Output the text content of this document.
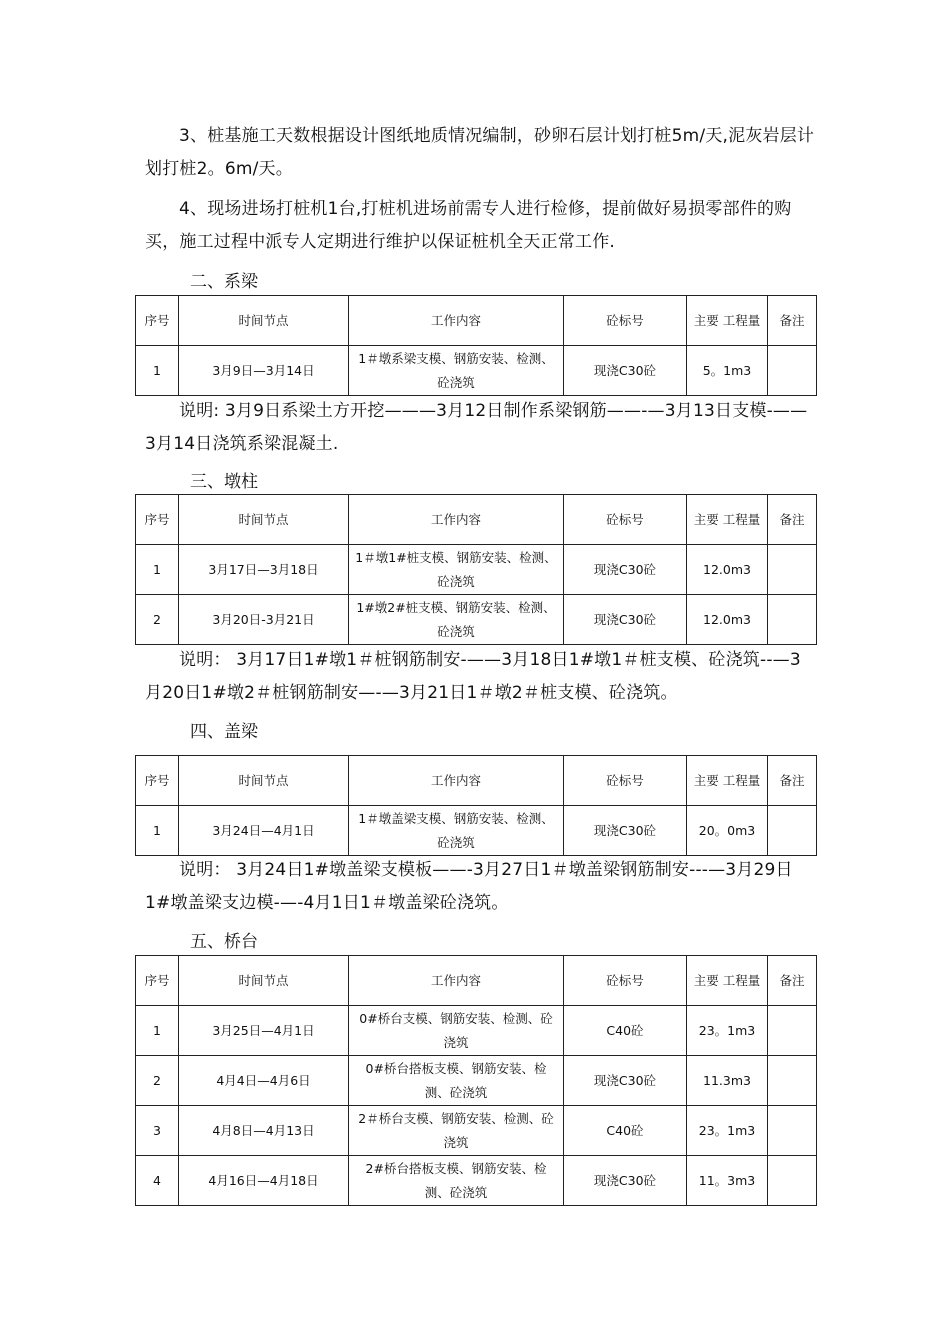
3、桩基施工天数根据设计图纸地质情况编制，砂卵石层计划打桩5m/天,泥灰岩层计划打桩2。6m/天。

4、现场进场打桩机1台,打桩机进场前需专人进行检修，提前做好易损零部件的购买，施工过程中派专人定期进行维护以保证桩机全天正常工作.

二、系梁
序号	时间节点	工作内容	砼标号	主要 工程量	备注
1	3月9日—3月14日	1＃墩系梁支模、钢筋安装、检测、砼浇筑	现浇C30砼	5。1m3	

说明: 3月9日系梁土方开挖———3月12日制作系梁钢筋——-—3月13日支模-——3月14日浇筑系梁混凝土.

三、墩柱
序号	时间节点	工作内容	砼标号	主要 工程量	备注
1	3月17日—3月18日	1＃墩1#桩支模、钢筋安装、检测、砼浇筑	现浇C30砼	12.0m3	
2	3月20日-3月21日	1#墩2#桩支模、钢筋安装、检测、砼浇筑	现浇C30砼	12.0m3	

说明： 3月17日1#墩1＃桩钢筋制安-——3月18日1#墩1＃桩支模、砼浇筑--—3月20日1#墩2＃桩钢筋制安—-—3月21日1＃墩2＃桩支模、砼浇筑。

四、盖梁
序号	时间节点	工作内容	砼标号	主要 工程量	备注
1	3月24日—4月1日	1＃墩盖梁支模、钢筋安装、检测、砼浇筑	现浇C30砼	20。0m3	

说明： 3月24日1#墩盖梁支模板——-3月27日1＃墩盖梁钢筋制安---—3月29日1#墩盖梁支边模-—-4月1日1＃墩盖梁砼浇筑。

五、桥台
序号	时间节点	工作内容	砼标号	主要 工程量	备注
1	3月25日—4月1日	0#桥台支模、钢筋安装、检测、砼浇筑	C40砼	23。1m3	
2	4月4日—4月6日	0#桥台搭板支模、钢筋安装、检测、砼浇筑	现浇C30砼	11.3m3	
3	4月8日—4月13日	2＃桥台支模、钢筋安装、检测、砼浇筑	C40砼	23。1m3	
4	4月16日—4月18日	2#桥台搭板支模、钢筋安装、检测、砼浇筑	现浇C30砼	11。3m3	
